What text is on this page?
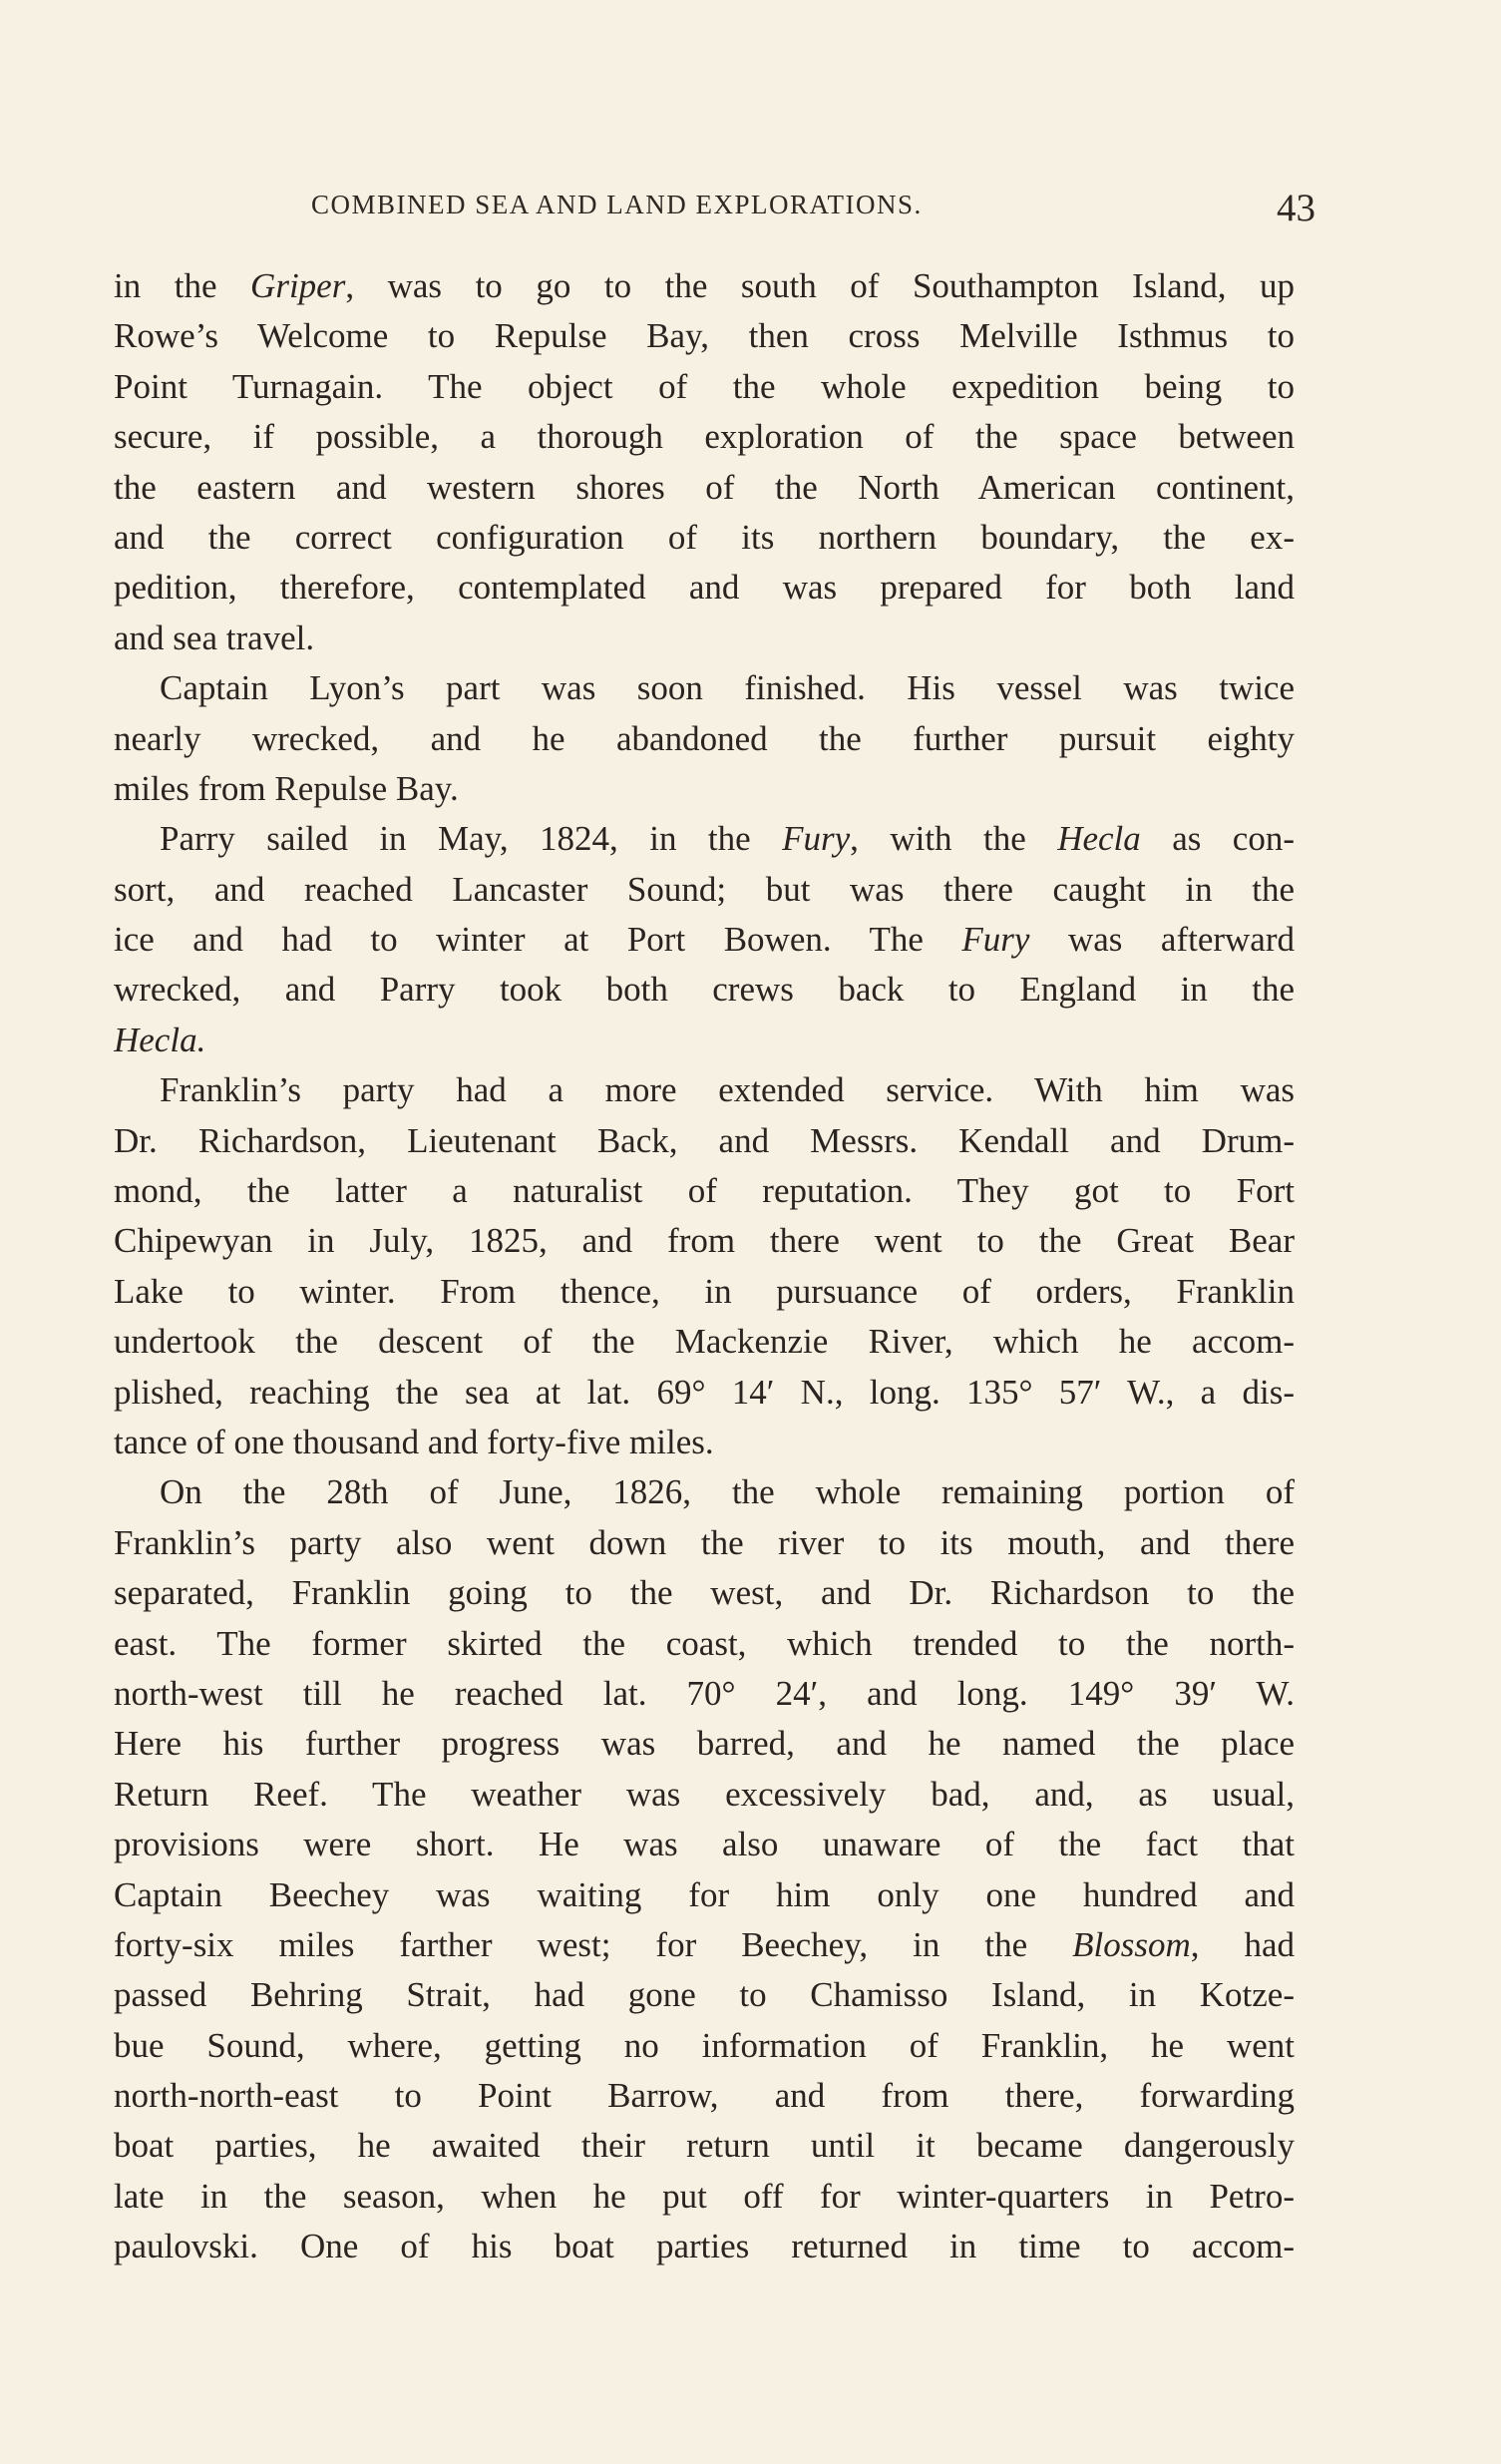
COMBINED SEA AND LAND EXPLORATIONS.	43
in the Griper, was to go to the south of Southampton Island, up
Rowe’s Welcome to Repulse Bay, then cross Melville Isthmus to
Point Turnagain. The object of the whole expedition being to
secure, if possible, a thorough exploration of the space between
the eastern and western shores of the North American continent,
and the correct configuration of its northern boundary, the ex-
pedition, therefore, contemplated and was prepared for both land
and sea travel.
Captain Lyon’s part was soon finished. His vessel was twice
nearly wrecked, and he abandoned the further pursuit eighty
miles from Repulse Bay.
Parry sailed in May, 1824, in the Fury, with the Hecla as con-
sort, and reached Lancaster Sound; but was there caught in the
ice and had to winter at Port Bowen. The Fury was afterward
wrecked, and Parry took both crews back to England in the
Hecla.
Franklin’s party had a more extended service. With him was
Dr. Richardson, Lieutenant Back, and Messrs. Kendall and Drum-
mond, the latter a naturalist of reputation. They got to Fort
Chipewyan in July, 1825, and from there went to the Great Bear
Lake to winter. From thence, in pursuance of orders, Franklin
undertook the descent of the Mackenzie River, which he accom-
plished, reaching the sea at lat. 69° 14′ N., long. 135° 57′ W., a dis-
tance of one thousand and forty-five miles.
On the 28th of June, 1826, the whole remaining portion of
Franklin’s party also went down the river to its mouth, and there
separated, Franklin going to the west, and Dr. Richardson to the
east. The former skirted the coast, which trended to the north-
north-west till he reached lat. 70° 24′, and long. 149° 39′ W.
Here his further progress was barred, and he named the place
Return Reef. The weather was excessively bad, and, as usual,
provisions were short. He was also unaware of the fact that
Captain Beechey was waiting for him only one hundred and
forty-six miles farther west; for Beechey, in the Blossom, had
passed Behring Strait, had gone to Chamisso Island, in Kotze-
bue Sound, where, getting no information of Franklin, he went
north-north-east to Point Barrow, and from there, forwarding
boat parties, he awaited their return until it became dangerously
late in the season, when he put off for winter-quarters in Petro-
paulovski. One of his boat parties returned in time to accom-
